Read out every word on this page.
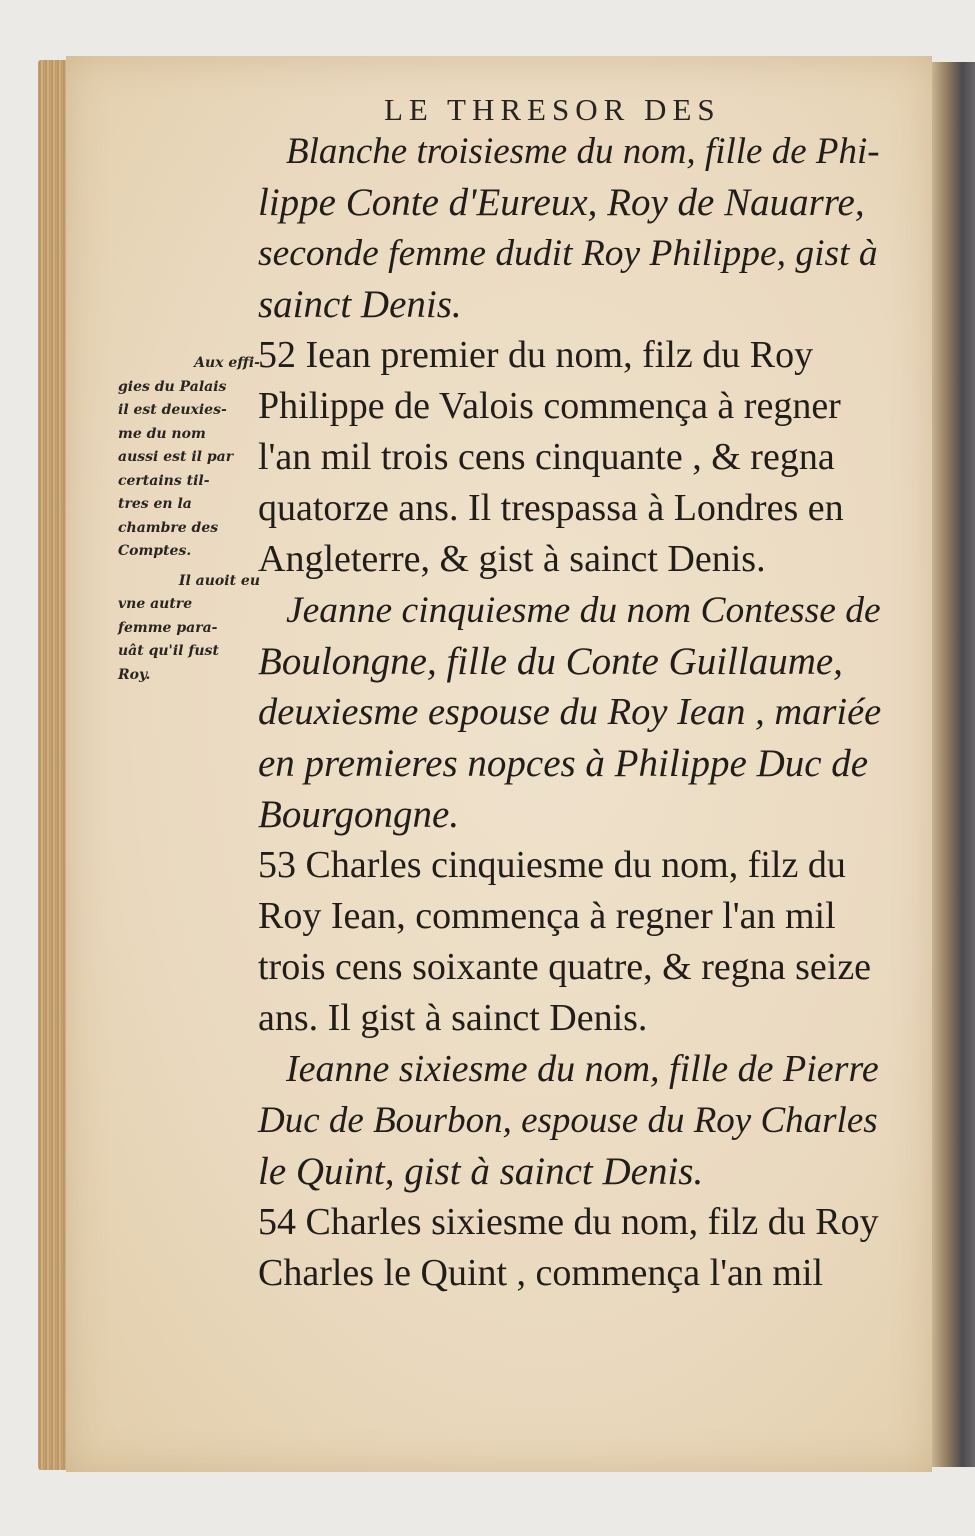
LE THRESOR DES
Blanche troisiesme du nom, fille de Phi-
lippe Conte d'Eureux, Roy de Nauarre,
seconde femme dudit Roy Philippe, gist à
sainct Denis.
52 Iean premier du nom, filz du Roy
Philippe de Valois commença à regner
l'an mil trois cens cinquante , & regna
quatorze ans. Il trespassa à Londres en
Angleterre, & gist à sainct Denis.
Jeanne cinquiesme du nom Contesse de
Boulongne, fille du Conte Guillaume,
deuxiesme espouse du Roy Iean , mariée
en premieres nopces à Philippe Duc de
Bourgongne.
53 Charles cinquiesme du nom, filz du
Roy Iean, commença à regner l'an mil
trois cens soixante quatre, & regna seize
ans. Il gist à sainct Denis.
Ieanne sixiesme du nom, fille de Pierre
Duc de Bourbon, espouse du Roy Charles
le Quint, gist à sainct Denis.
54 Charles sixiesme du nom, filz du Roy
Charles le Quint , commença l'an mil
Aux effi-
gies du Palais
il est deuxies-
me du nom
aussi est il par
certains til-
tres en la
chambre des
Comptes.
Il auoit eu
vne autre
femme para-
uât qu'il fust
Roy.
